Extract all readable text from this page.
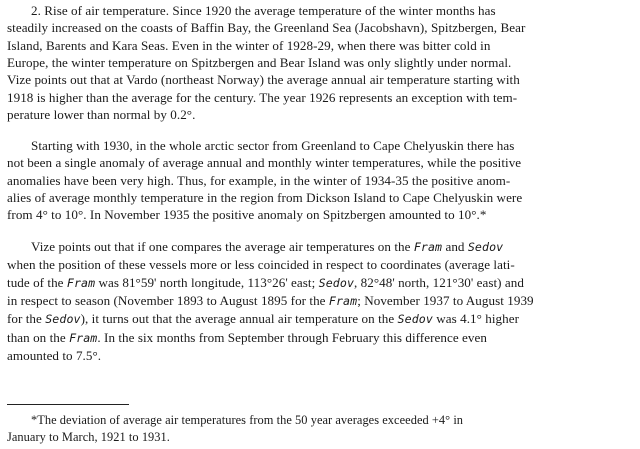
2. Rise of air temperature. Since 1920 the average temperature of the winter months has
steadily increased on the coasts of Baffin Bay, the Greenland Sea (Jacobshavn), Spitzbergen, Bear
Island, Barents and Kara Seas. Even in the winter of 1928-29, when there was bitter cold in
Europe, the winter temperature on Spitzbergen and Bear Island was only slightly under normal.
Vize points out that at Vardo (northeast Norway) the average annual air temperature starting with
1918 is higher than the average for the century. The year 1926 represents an exception with tem-
perature lower than normal by 0.2°.
Starting with 1930, in the whole arctic sector from Greenland to Cape Chelyuskin there has
not been a single anomaly of average annual and monthly winter temperatures, while the positive
anomalies have been very high. Thus, for example, in the winter of 1934-35 the positive anom-
alies of average monthly temperature in the region from Dickson Island to Cape Chelyuskin were
from 4° to 10°. In November 1935 the positive anomaly on Spitzbergen amounted to 10°.*
Vize points out that if one compares the average air temperatures on the Fram and Sedov
when the position of these vessels more or less coincided in respect to coordinates (average lati-
tude of the Fram was 81°59' north longitude, 113°26' east; Sedov, 82°48' north, 121°30' east) and
in respect to season (November 1893 to August 1895 for the Fram; November 1937 to August 1939
for the Sedov), it turns out that the average annual air temperature on the Sedov was 4.1° higher
than on the Fram. In the six months from September through February this difference even
amounted to 7.5°.
*The deviation of average air temperatures from the 50 year averages exceeded +4° in
January to March, 1921 to 1931.
